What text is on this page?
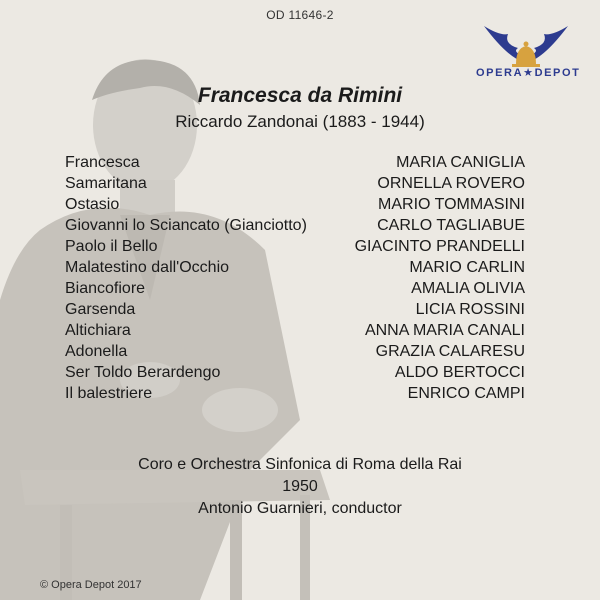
OD 11646-2
OPERA★DEPOT
Francesca da Rimini
Riccardo Zandonai (1883 - 1944)
Francesca	MARIA CANIGLIA
Samaritana	ORNELLA ROVERO
Ostasio	MARIO TOMMASINI
Giovanni lo Sciancato (Gianciotto)	CARLO TAGLIABUE
Paolo il Bello	GIACINTO PRANDELLI
Malatestino dall'Occhio	MARIO CARLIN
Biancofiore	AMALIA OLIVIA
Garsenda	LICIA ROSSINI
Altichiara	ANNA MARIA CANALI
Adonella	GRAZIA CALARESU
Ser Toldo Berardengo	ALDO BERTOCCI
Il balestriere	ENRICO CAMPI
Coro e Orchestra Sinfonica di Roma della Rai
1950
Antonio Guarnieri, conductor
© Opera Depot 2017
